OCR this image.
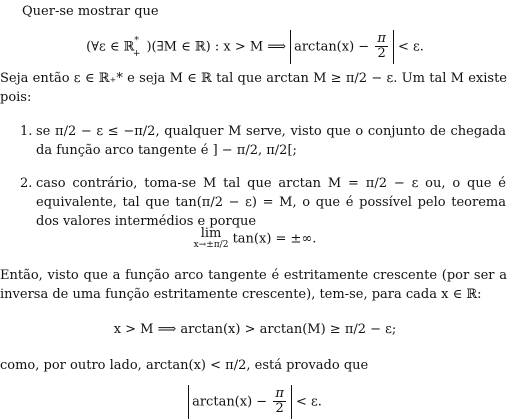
Quer-se mostrar que
(∀ε ∈ ℝ*$_+$ )(∃M ∈ ℝ) : x > M ⟹ $\arctan(x) - \frac{\pi}{2} < \varepsilon$.
Seja então ε ∈ ℝ₊* e seja M ∈ ℝ tal que arctan M ≥ π/2 − ε. Um tal M existe pois:
1. se π/2 − ε ≤ −π/2, qualquer M serve, visto que o conjunto de chegada da função arco tangente é ] − π/2, π/2[;
2. caso contrário, toma-se M tal que arctan M = π/2 − ε ou, o que é equivalente, tal que tan(π/2 − ε) = M, o que é possível pelo teorema dos valores intermédios e porque
lim
x→±π/2 tan(x) = ±∞.
Então, visto que a função arco tangente é estritamente crescente (por ser a inversa de uma função estritamente crescente), tem-se, para cada x ∈ ℝ:
x > M ⟹ arctan(x) > arctan(M) ≥ π/2 − ε;
como, por outro lado, arctan(x) < π/2, está provado que
$\arctan(x) - \frac{\pi}{2} < \varepsilon$.
